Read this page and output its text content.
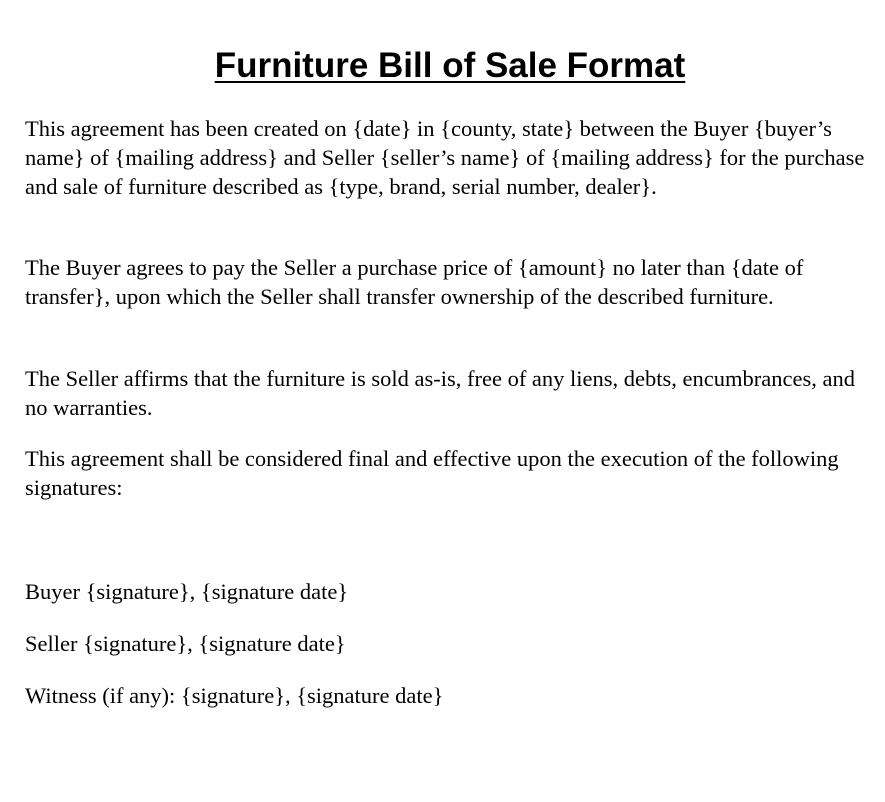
Furniture Bill of Sale Format

This agreement has been created on {date} in {county, state} between the Buyer {buyer’s name} of {mailing address} and Seller {seller’s name} of {mailing address} for the purchase and sale of furniture described as {type, brand, serial number, dealer}.

The Buyer agrees to pay the Seller a purchase price of {amount} no later than {date of transfer}, upon which the Seller shall transfer ownership of the described furniture.

The Seller affirms that the furniture is sold as-is, free of any liens, debts, encumbrances, and no warranties.

This agreement shall be considered final and effective upon the execution of the following signatures:

Buyer {signature}, {signature date}
Seller {signature}, {signature date}
Witness (if any): {signature}, {signature date}
